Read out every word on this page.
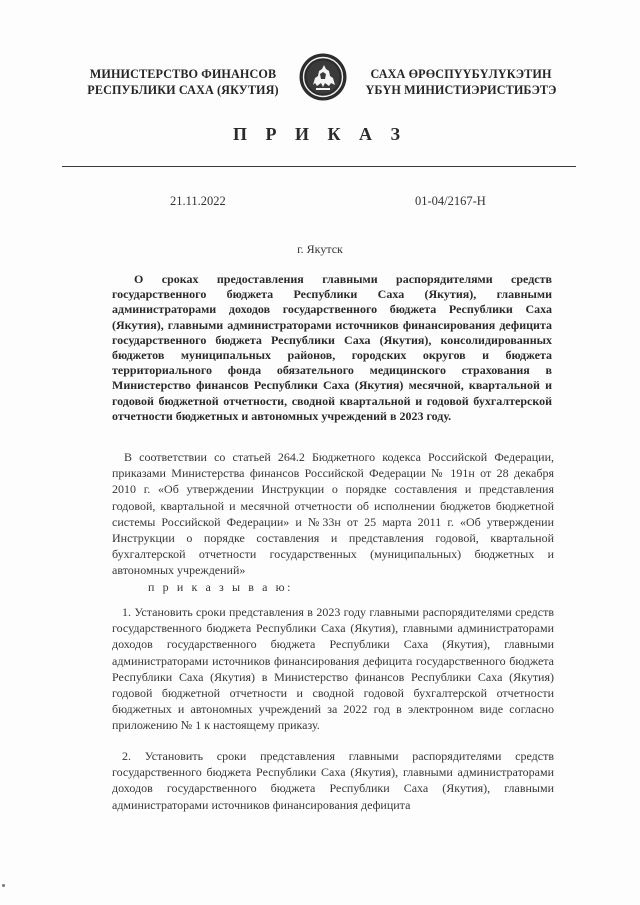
МИНИСТЕРСТВО ФИНАНСОВ
РЕСПУБЛИКИ САХА (ЯКУТИЯ)
САХА ӨРӨСПҮҮБҮЛҮКЭТИН
ҮБҮН МИНИСТИЭРИСТИБЭТЭ
П Р И К А З
21.11.2022	01-04/2167-Н
г. Якутск
О сроках предоставления главными распорядителями средств государственного бюджета Республики Саха (Якутия), главными администраторами доходов государственного бюджета Республики Саха (Якутия), главными администраторами источников финансирования дефицита государственного бюджета Республики Саха (Якутия), консолидированных бюджетов муниципальных районов, городских округов и бюджета территориального фонда обязательного медицинского страхования в Министерство финансов Республики Саха (Якутия) месячной, квартальной и годовой бюджетной отчетности, сводной квартальной и годовой бухгалтерской отчетности бюджетных и автономных учреждений в 2023 году.
В соответствии со статьей 264.2 Бюджетного кодекса Российской Федерации, приказами Министерства финансов Российской Федерации № 191н от 28 декабря 2010 г. «Об утверждении Инструкции о порядке составления и представления годовой, квартальной и месячной отчетности об исполнении бюджетов бюджетной системы Российской Федерации» и №33н от 25 марта 2011 г. «Об утверждении Инструкции о порядке составления и представления годовой, квартальной бухгалтерской отчетности государственных (муниципальных) бюджетных и автономных учреждений»
п р и к а з ы в а ю:
1. Установить сроки представления в 2023 году главными распорядителями средств государственного бюджета Республики Саха (Якутия), главными администраторами доходов государственного бюджета Республики Саха (Якутия), главными администраторами источников финансирования дефицита государственного бюджета Республики Саха (Якутия) в Министерство финансов Республики Саха (Якутия) годовой бюджетной отчетности и сводной годовой бухгалтерской отчетности бюджетных и автономных учреждений за 2022 год в электронном виде согласно приложению № 1 к настоящему приказу.
2. Установить сроки представления главными распорядителями средств государственного бюджета Республики Саха (Якутия), главными администраторами доходов государственного бюджета Республики Саха (Якутия), главными администраторами источников финансирования дефицита
